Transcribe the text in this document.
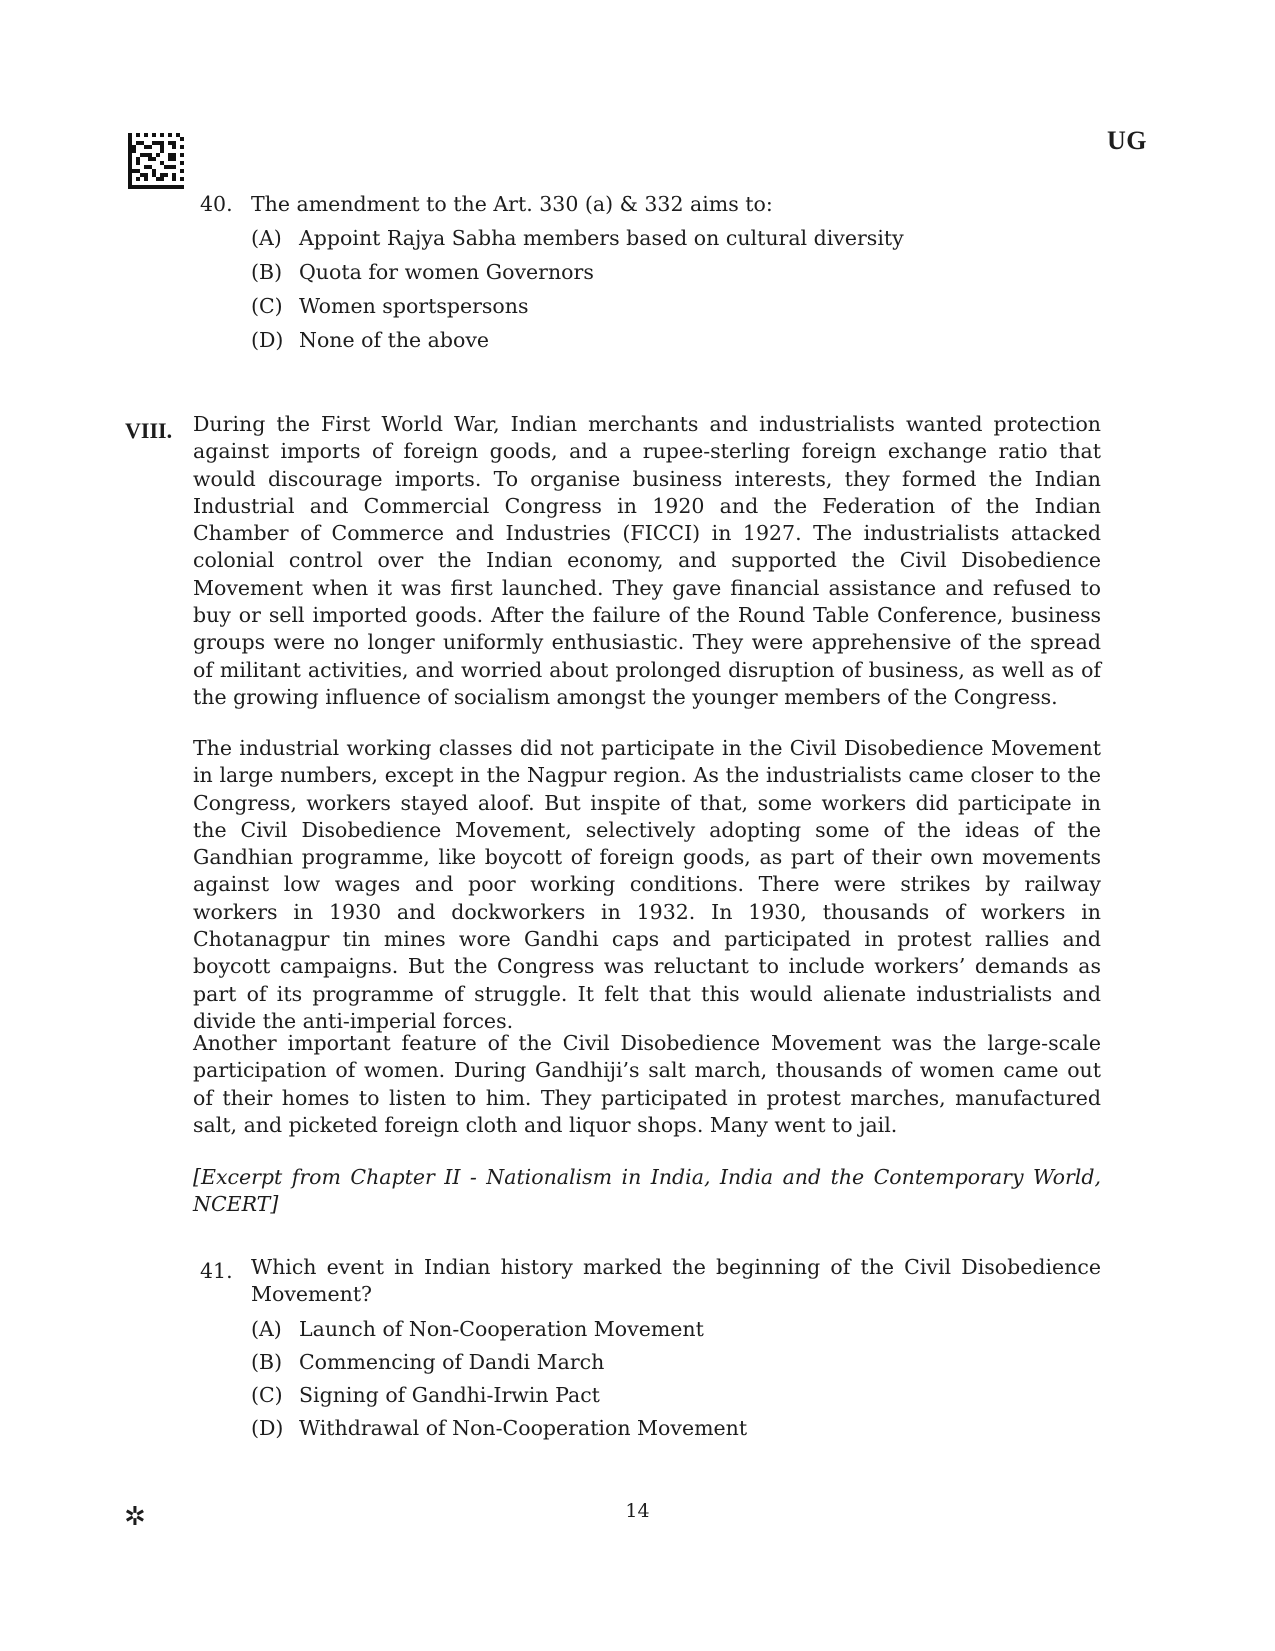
UG
40. The amendment to the Art. 330 (a) & 332 aims to:
(A) Appoint Rajya Sabha members based on cultural diversity
(B) Quota for women Governors
(C) Women sportspersons
(D) None of the above
VIII. During the First World War, Indian merchants and industrialists wanted protection against imports of foreign goods, and a rupee-sterling foreign exchange ratio that would discourage imports. To organise business interests, they formed the Indian Industrial and Commercial Congress in 1920 and the Federation of the Indian Chamber of Commerce and Industries (FICCI) in 1927. The industrialists attacked colonial control over the Indian economy, and supported the Civil Disobedience Movement when it was first launched. They gave financial assistance and refused to buy or sell imported goods. After the failure of the Round Table Conference, business groups were no longer uniformly enthusiastic. They were apprehensive of the spread of militant activities, and worried about prolonged disruption of business, as well as of the growing influence of socialism amongst the younger members of the Congress.

The industrial working classes did not participate in the Civil Disobedience Movement in large numbers, except in the Nagpur region. As the industrialists came closer to the Congress, workers stayed aloof. But inspite of that, some workers did participate in the Civil Disobedience Movement, selectively adopting some of the ideas of the Gandhian programme, like boycott of foreign goods, as part of their own movements against low wages and poor working conditions. There were strikes by railway workers in 1930 and dockworkers in 1932. In 1930, thousands of workers in Chotanagpur tin mines wore Gandhi caps and participated in protest rallies and boycott campaigns. But the Congress was reluctant to include workers’ demands as part of its programme of struggle. It felt that this would alienate industrialists and divide the anti-imperial forces.

Another important feature of the Civil Disobedience Movement was the large-scale participation of women. During Gandhiji’s salt march, thousands of women came out of their homes to listen to him. They participated in protest marches, manufactured salt, and picketed foreign cloth and liquor shops. Many went to jail.

[Excerpt from Chapter II - Nationalism in India, India and the Contemporary World, NCERT]

41. Which event in Indian history marked the beginning of the Civil Disobedience Movement?
(A) Launch of Non-Cooperation Movement
(B) Commencing of Dandi March
(C) Signing of Gandhi-Irwin Pact
(D) Withdrawal of Non-Cooperation Movement
✲	14
